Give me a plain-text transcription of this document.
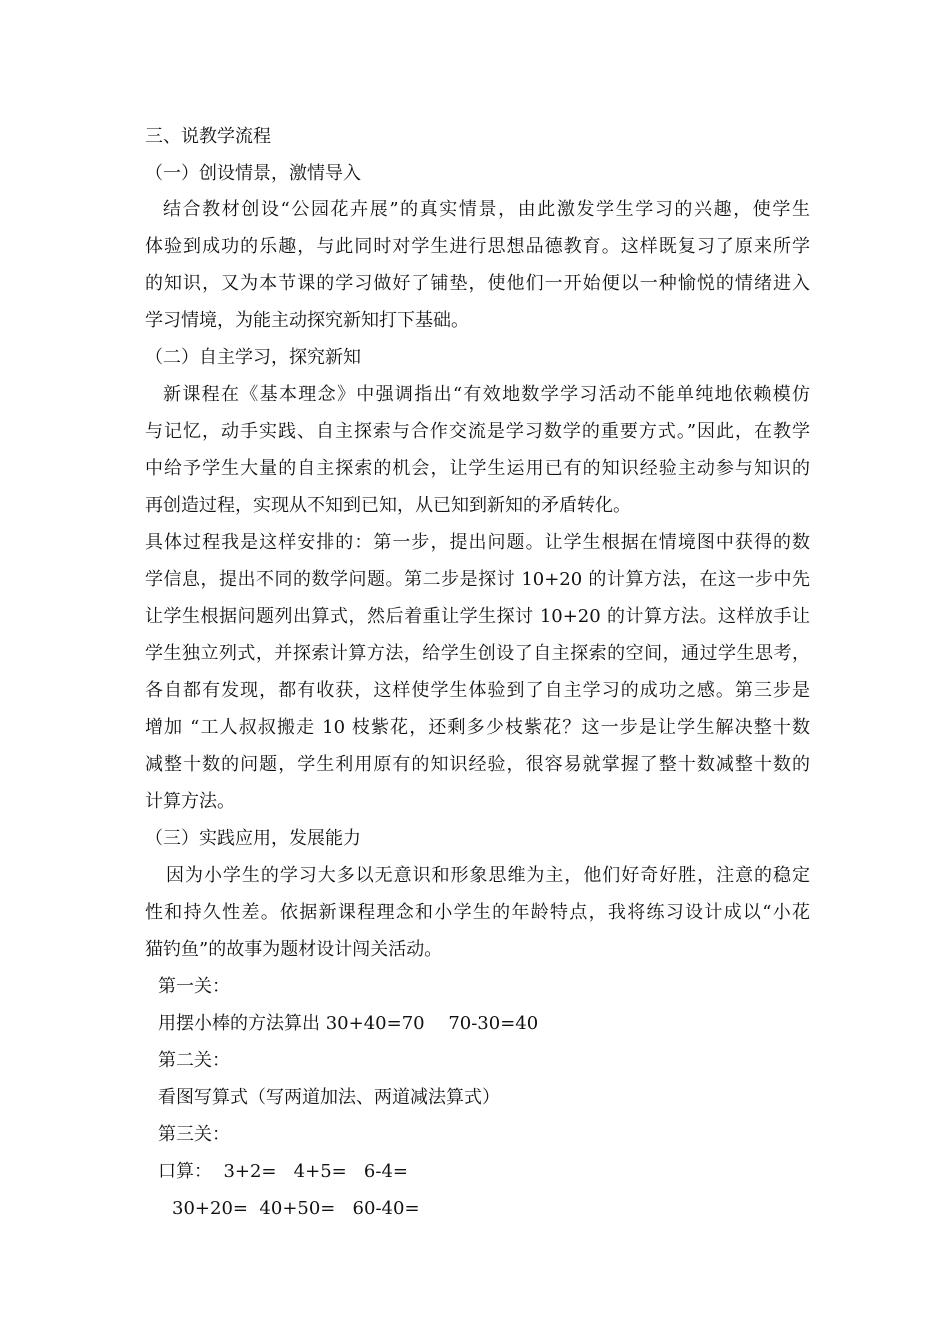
三、说教学流程
（一）创设情景，激情导入
结合教材创设“公园花卉展”的真实情景，由此激发学生学习的兴趣，使学生
体验到成功的乐趣，与此同时对学生进行思想品德教育。这样既复习了原来所学
的知识，又为本节课的学习做好了铺垫，使他们一开始便以一种愉悦的情绪进入
学习情境，为能主动探究新知打下基础。
（二）自主学习，探究新知
新课程在《基本理念》中强调指出“有效地数学学习活动不能单纯地依赖模仿
与记忆，动手实践、自主探索与合作交流是学习数学的重要方式。”因此，在教学
中给予学生大量的自主探索的机会，让学生运用已有的知识经验主动参与知识的
再创造过程，实现从不知到已知，从已知到新知的矛盾转化。
具体过程我是这样安排的：第一步，提出问题。让学生根据在情境图中获得的数
学信息，提出不同的数学问题。第二步是探讨 10+20 的计算方法，在这一步中先
让学生根据问题列出算式，然后着重让学生探讨 10+20 的计算方法。这样放手让
学生独立列式，并探索计算方法，给学生创设了自主探索的空间，通过学生思考，
各自都有发现，都有收获，这样使学生体验到了自主学习的成功之感。第三步是
增加 “工人叔叔搬走 10 枝紫花，还剩多少枝紫花？这一步是让学生解决整十数
减整十数的问题，学生利用原有的知识经验，很容易就掌握了整十数减整十数的
计算方法。
（三）实践应用，发展能力
因为小学生的学习大多以无意识和形象思维为主，他们好奇好胜，注意的稳定
性和持久性差。依据新课程理念和小学生的年龄特点，我将练习设计成以“小花
猫钓鱼”的故事为题材设计闯关活动。
第一关：
用摆小棒的方法算出 30+40=70　 70-30=40
第二关：
看图写算式（写两道加法、两道减法算式）
第三关：
口算：  3+2=   4+5=   6-4=
30+20=  40+50=   60-40=
